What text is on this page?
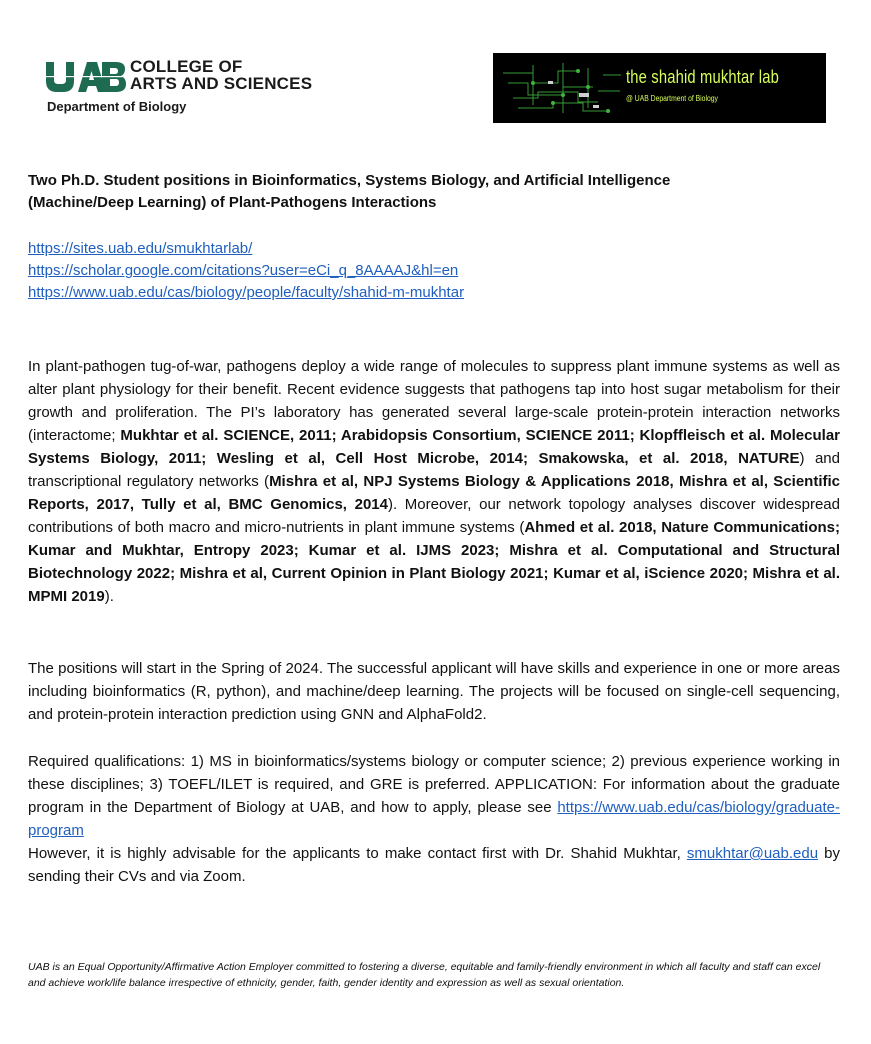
COLLEGE OF
ARTS AND SCIENCES
Department of Biology
the shahid mukhtar lab
@ UAB Department of Biology
Two Ph.D. Student positions in Bioinformatics, Systems Biology, and Artificial Intelligence
(Machine/Deep Learning) of Plant-Pathogens Interactions
https://sites.uab.edu/smukhtarlab/
https://scholar.google.com/citations?user=eCi_q_8AAAAJ&hl=en
https://www.uab.edu/cas/biology/people/faculty/shahid-m-mukhtar
In plant-pathogen tug-of-war, pathogens deploy a wide range of molecules to suppress plant immune systems as well as alter plant physiology for their benefit. Recent evidence suggests that pathogens tap into host sugar metabolism for their growth and proliferation. The PI’s laboratory has generated several large-scale protein-protein interaction networks (interactome; Mukhtar et al. SCIENCE, 2011; Arabidopsis Consortium, SCIENCE 2011; Klopffleisch et al. Molecular Systems Biology, 2011; Wesling et al, Cell Host Microbe, 2014; Smakowska, et al. 2018, NATURE) and transcriptional regulatory networks (Mishra et al, NPJ Systems Biology & Applications 2018, Mishra et al, Scientific Reports, 2017, Tully et al, BMC Genomics, 2014). Moreover, our network topology analyses discover widespread contributions of both macro and micro-nutrients in plant immune systems (Ahmed et al. 2018, Nature Communications; Kumar and Mukhtar, Entropy 2023; Kumar et al. IJMS 2023; Mishra et al. Computational and Structural Biotechnology 2022; Mishra et al, Current Opinion in Plant Biology 2021; Kumar et al, iScience 2020; Mishra et al. MPMI 2019).
The positions will start in the Spring of 2024. The successful applicant will have skills and experience in one or more areas including bioinformatics (R, python), and machine/deep learning. The projects will be focused on single-cell sequencing, and protein-protein interaction prediction using GNN and AlphaFold2.
Required qualifications: 1) MS in bioinformatics/systems biology or computer science; 2) previous experience working in these disciplines; 3) TOEFL/ILET is required, and GRE is preferred. APPLICATION: For information about the graduate program in the Department of Biology at UAB, and how to apply, please see https://www.uab.edu/cas/biology/graduate-program
However, it is highly advisable for the applicants to make contact first with Dr. Shahid Mukhtar, smukhtar@uab.edu by sending their CVs and via Zoom.
UAB is an Equal Opportunity/Affirmative Action Employer committed to fostering a diverse, equitable and family-friendly environment in which all faculty and staff can excel and achieve work/life balance irrespective of ethnicity, gender, faith, gender identity and expression as well as sexual orientation.
